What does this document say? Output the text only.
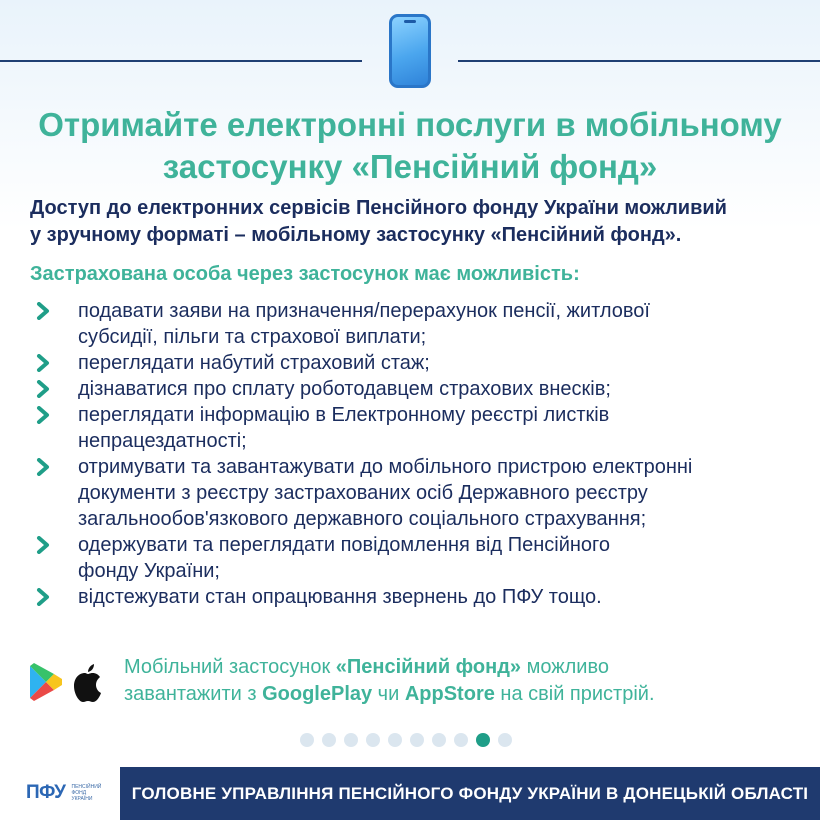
Отримайте електронні послуги в мобільному
застосунку «Пенсійний фонд»

Доступ до електронних сервісів Пенсійного фонду України можливий
у зручному форматі – мобільному застосунку «Пенсійний фонд».

Застрахована особа через застосунок має можливість:

подавати заяви на призначення/перерахунок пенсії, житлової
субсидії, пільги та страхової виплати;
переглядати набутий страховий стаж;
дізнаватися про сплату роботодавцем страхових внесків;
переглядати інформацію в Електронному реєстрі листків
непрацездатності;
отримувати та завантажувати до мобільного пристрою електронні
документи з реєстру застрахованих осіб Державного реєстру
загальнообов'язкового державного соціального страхування;
одержувати та переглядати повідомлення від Пенсійного
фонду України;
відстежувати стан опрацювання звернень до ПФУ тощо.

Мобільний застосунок «Пенсійний фонд» можливо
завантажити з GooglePlay чи AppStore на свій пристрій.

ПФУ ПЕНСІЙНИЙ
ФОНД
УКРАЇНИ	ГОЛОВНЕ УПРАВЛІННЯ ПЕНСІЙНОГО ФОНДУ УКРАЇНИ В ДОНЕЦЬКІЙ ОБЛАСТІ
